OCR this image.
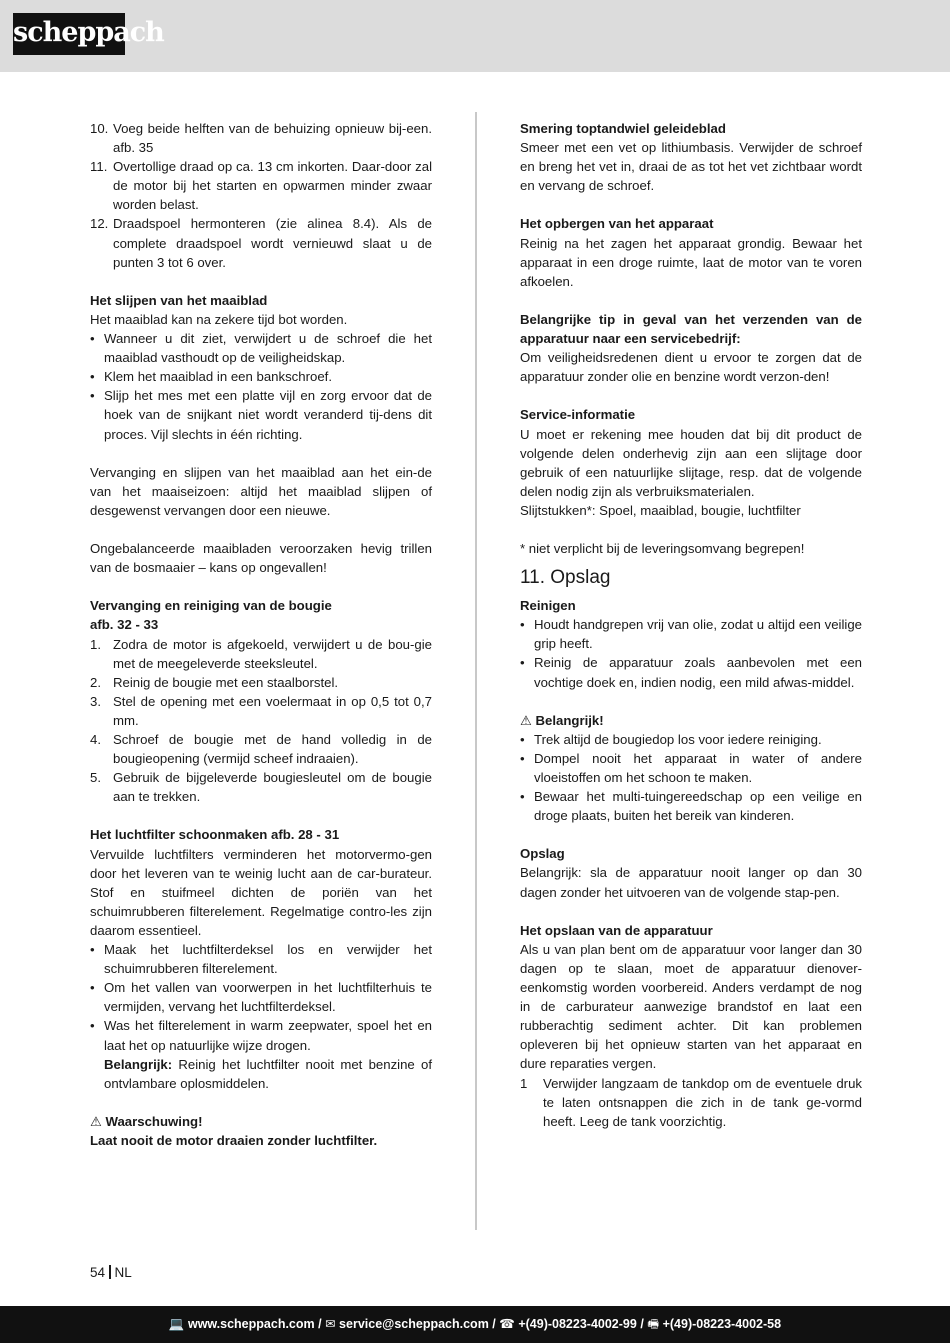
scheppach
10. Voeg beide helften van de behuizing opnieuw bij-een. afb. 35
11. Overtollige draad op ca. 13 cm inkorten. Daar-door zal de motor bij het starten en opwarmen minder zwaar worden belast.
12. Draadspoel hermonteren (zie alinea 8.4). Als de complete draadspoel wordt vernieuwd slaat u de punten 3 tot 6 over.
Het slijpen van het maaiblad
Het maaiblad kan na zekere tijd bot worden.
• Wanneer u dit ziet, verwijdert u de schroef die het maaiblad vasthoudt op de veiligheidskap.
• Klem het maaiblad in een bankschroef.
• Slijp het mes met een platte vijl en zorg ervoor dat de hoek van de snijkant niet wordt veranderd tij-dens dit proces. Vijl slechts in één richting.
Vervanging en slijpen van het maaiblad aan het ein-de van het maaiseizoen: altijd het maaiblad slijpen of desgewenst vervangen door een nieuwe.
Ongebalanceerde maaibladen veroorzaken hevig trillen van de bosmaaier – kans op ongevallen!
Vervanging en reiniging van de bougie
afb. 32 - 33
1. Zodra de motor is afgekoeld, verwijdert u de bou-gie met de meegeleverde steeksleutel.
2. Reinig de bougie met een staalborstel.
3. Stel de opening met een voelermaat in op 0,5 tot 0,7 mm.
4. Schroef de bougie met de hand volledig in de bougieopening (vermijd scheef indraaien).
5. Gebruik de bijgeleverde bougiesleutel om de bougie aan te trekken.
Het luchtfilter schoonmaken afb. 28 - 31
Vervuilde luchtfilters verminderen het motorvermo-gen door het leveren van te weinig lucht aan de car-burateur. Stof en stuifmeel dichten de poriën van het schuimrubberen filterelement. Regelmatige contro-les zijn daarom essentieel.
• Maak het luchtfilterdeksel los en verwijder het schuimrubberen filterelement.
• Om het vallen van voorwerpen in het luchtfilterhuis te vermijden, vervang het luchtfilterdeksel.
• Was het filterelement in warm zeepwater, spoel het en laat het op natuurlijke wijze drogen.
Belangrijk: Reinig het luchtfilter nooit met benzine of ontvlambare oplosmiddelen.
⚠ Waarschuwing!
Laat nooit de motor draaien zonder luchtfilter.
Smering toptandwiel geleideblad
Smeer met een vet op lithiumbasis. Verwijder de schroef en breng het vet in, draai de as tot het vet zichtbaar wordt en vervang de schroef.
Het opbergen van het apparaat
Reinig na het zagen het apparaat grondig. Bewaar het apparaat in een droge ruimte, laat de motor van te voren afkoelen.
Belangrijke tip in geval van het verzenden van de apparatuur naar een servicebedrijf:
Om veiligheidsredenen dient u ervoor te zorgen dat de apparatuur zonder olie en benzine wordt verzon-den!
Service-informatie
U moet er rekening mee houden dat bij dit product de volgende delen onderhevig zijn aan een slijtage door gebruik of een natuurlijke slijtage, resp. dat de volgende delen nodig zijn als verbruiksmaterialen.
Slijtstukken*: Spoel, maaiblad, bougie, luchtfilter
* niet verplicht bij de leveringsomvang begrepen!
11. Opslag
Reinigen
• Houdt handgrepen vrij van olie, zodat u altijd een veilige grip heeft.
• Reinig de apparatuur zoals aanbevolen met een vochtige doek en, indien nodig, een mild afwas-middel.
⚠ Belangrijk!
• Trek altijd de bougiedop los voor iedere reiniging.
• Dompel nooit het apparaat in water of andere vloeistoffen om het schoon te maken.
• Bewaar het multi-tuingereedschap op een veilige en droge plaats, buiten het bereik van kinderen.
Opslag
Belangrijk: sla de apparatuur nooit langer op dan 30 dagen zonder het uitvoeren van de volgende stap-pen.
Het opslaan van de apparatuur
Als u van plan bent om de apparatuur voor langer dan 30 dagen op te slaan, moet de apparatuur dienover-eenkomstig worden voorbereid. Anders verdampt de nog in de carburateur aanwezige brandstof en laat een rubberachtig sediment achter. Dit kan problemen opleveren bij het opnieuw starten van het apparaat en dure reparaties vergen.
1 Verwijder langzaam de tankdop om de eventuele druk te laten ontsnappen die zich in de tank ge-vormd heeft. Leeg de tank voorzichtig.
54 NL
💻 www.scheppach.com / ✉ service@scheppach.com / ☎ +(49)-08223-4002-99 / 🖷 +(49)-08223-4002-58
